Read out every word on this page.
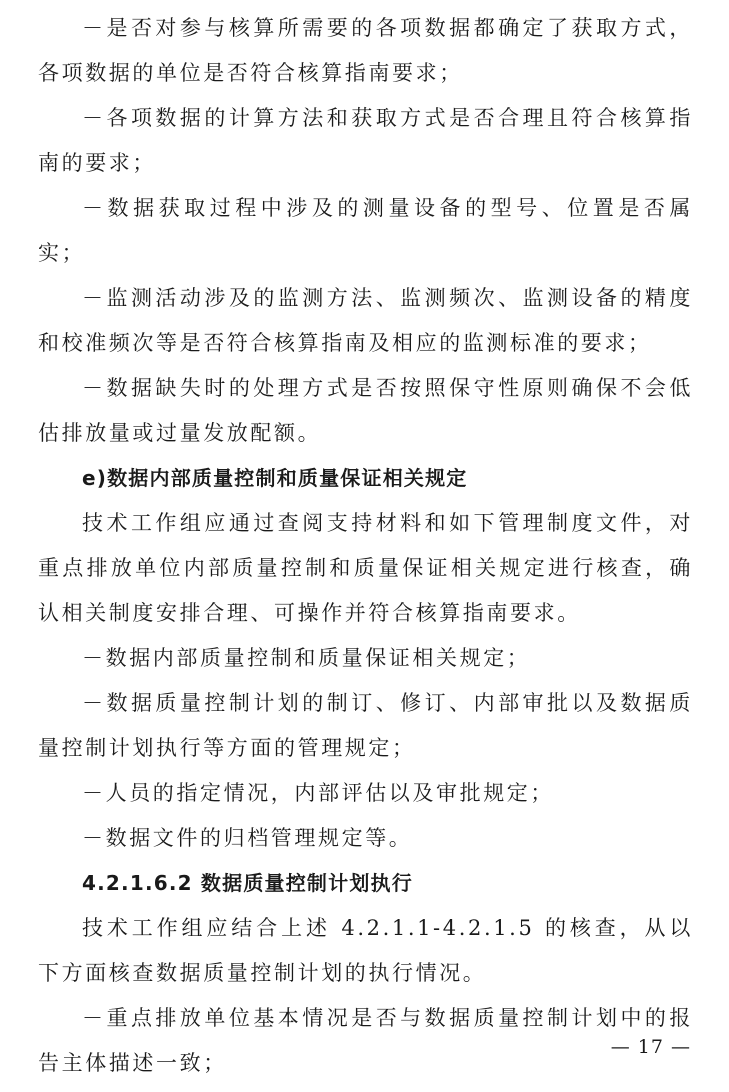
－是否对参与核算所需要的各项数据都确定了获取方式，各项数据的单位是否符合核算指南要求；

－各项数据的计算方法和获取方式是否合理且符合核算指南的要求；

－数据获取过程中涉及的测量设备的型号、位置是否属实；

－监测活动涉及的监测方法、监测频次、监测设备的精度和校准频次等是否符合核算指南及相应的监测标准的要求；

－数据缺失时的处理方式是否按照保守性原则确保不会低估排放量或过量发放配额。

e)数据内部质量控制和质量保证相关规定

技术工作组应通过查阅支持材料和如下管理制度文件，对重点排放单位内部质量控制和质量保证相关规定进行核查，确认相关制度安排合理、可操作并符合核算指南要求。

－数据内部质量控制和质量保证相关规定；

－数据质量控制计划的制订、修订、内部审批以及数据质量控制计划执行等方面的管理规定；

－人员的指定情况，内部评估以及审批规定；

－数据文件的归档管理规定等。

4.2.1.6.2 数据质量控制计划执行

技术工作组应结合上述 4.2.1.1-4.2.1.5 的核查，从以下方面核查数据质量控制计划的执行情况。

－重点排放单位基本情况是否与数据质量控制计划中的报告主体描述一致；

— 17 —
